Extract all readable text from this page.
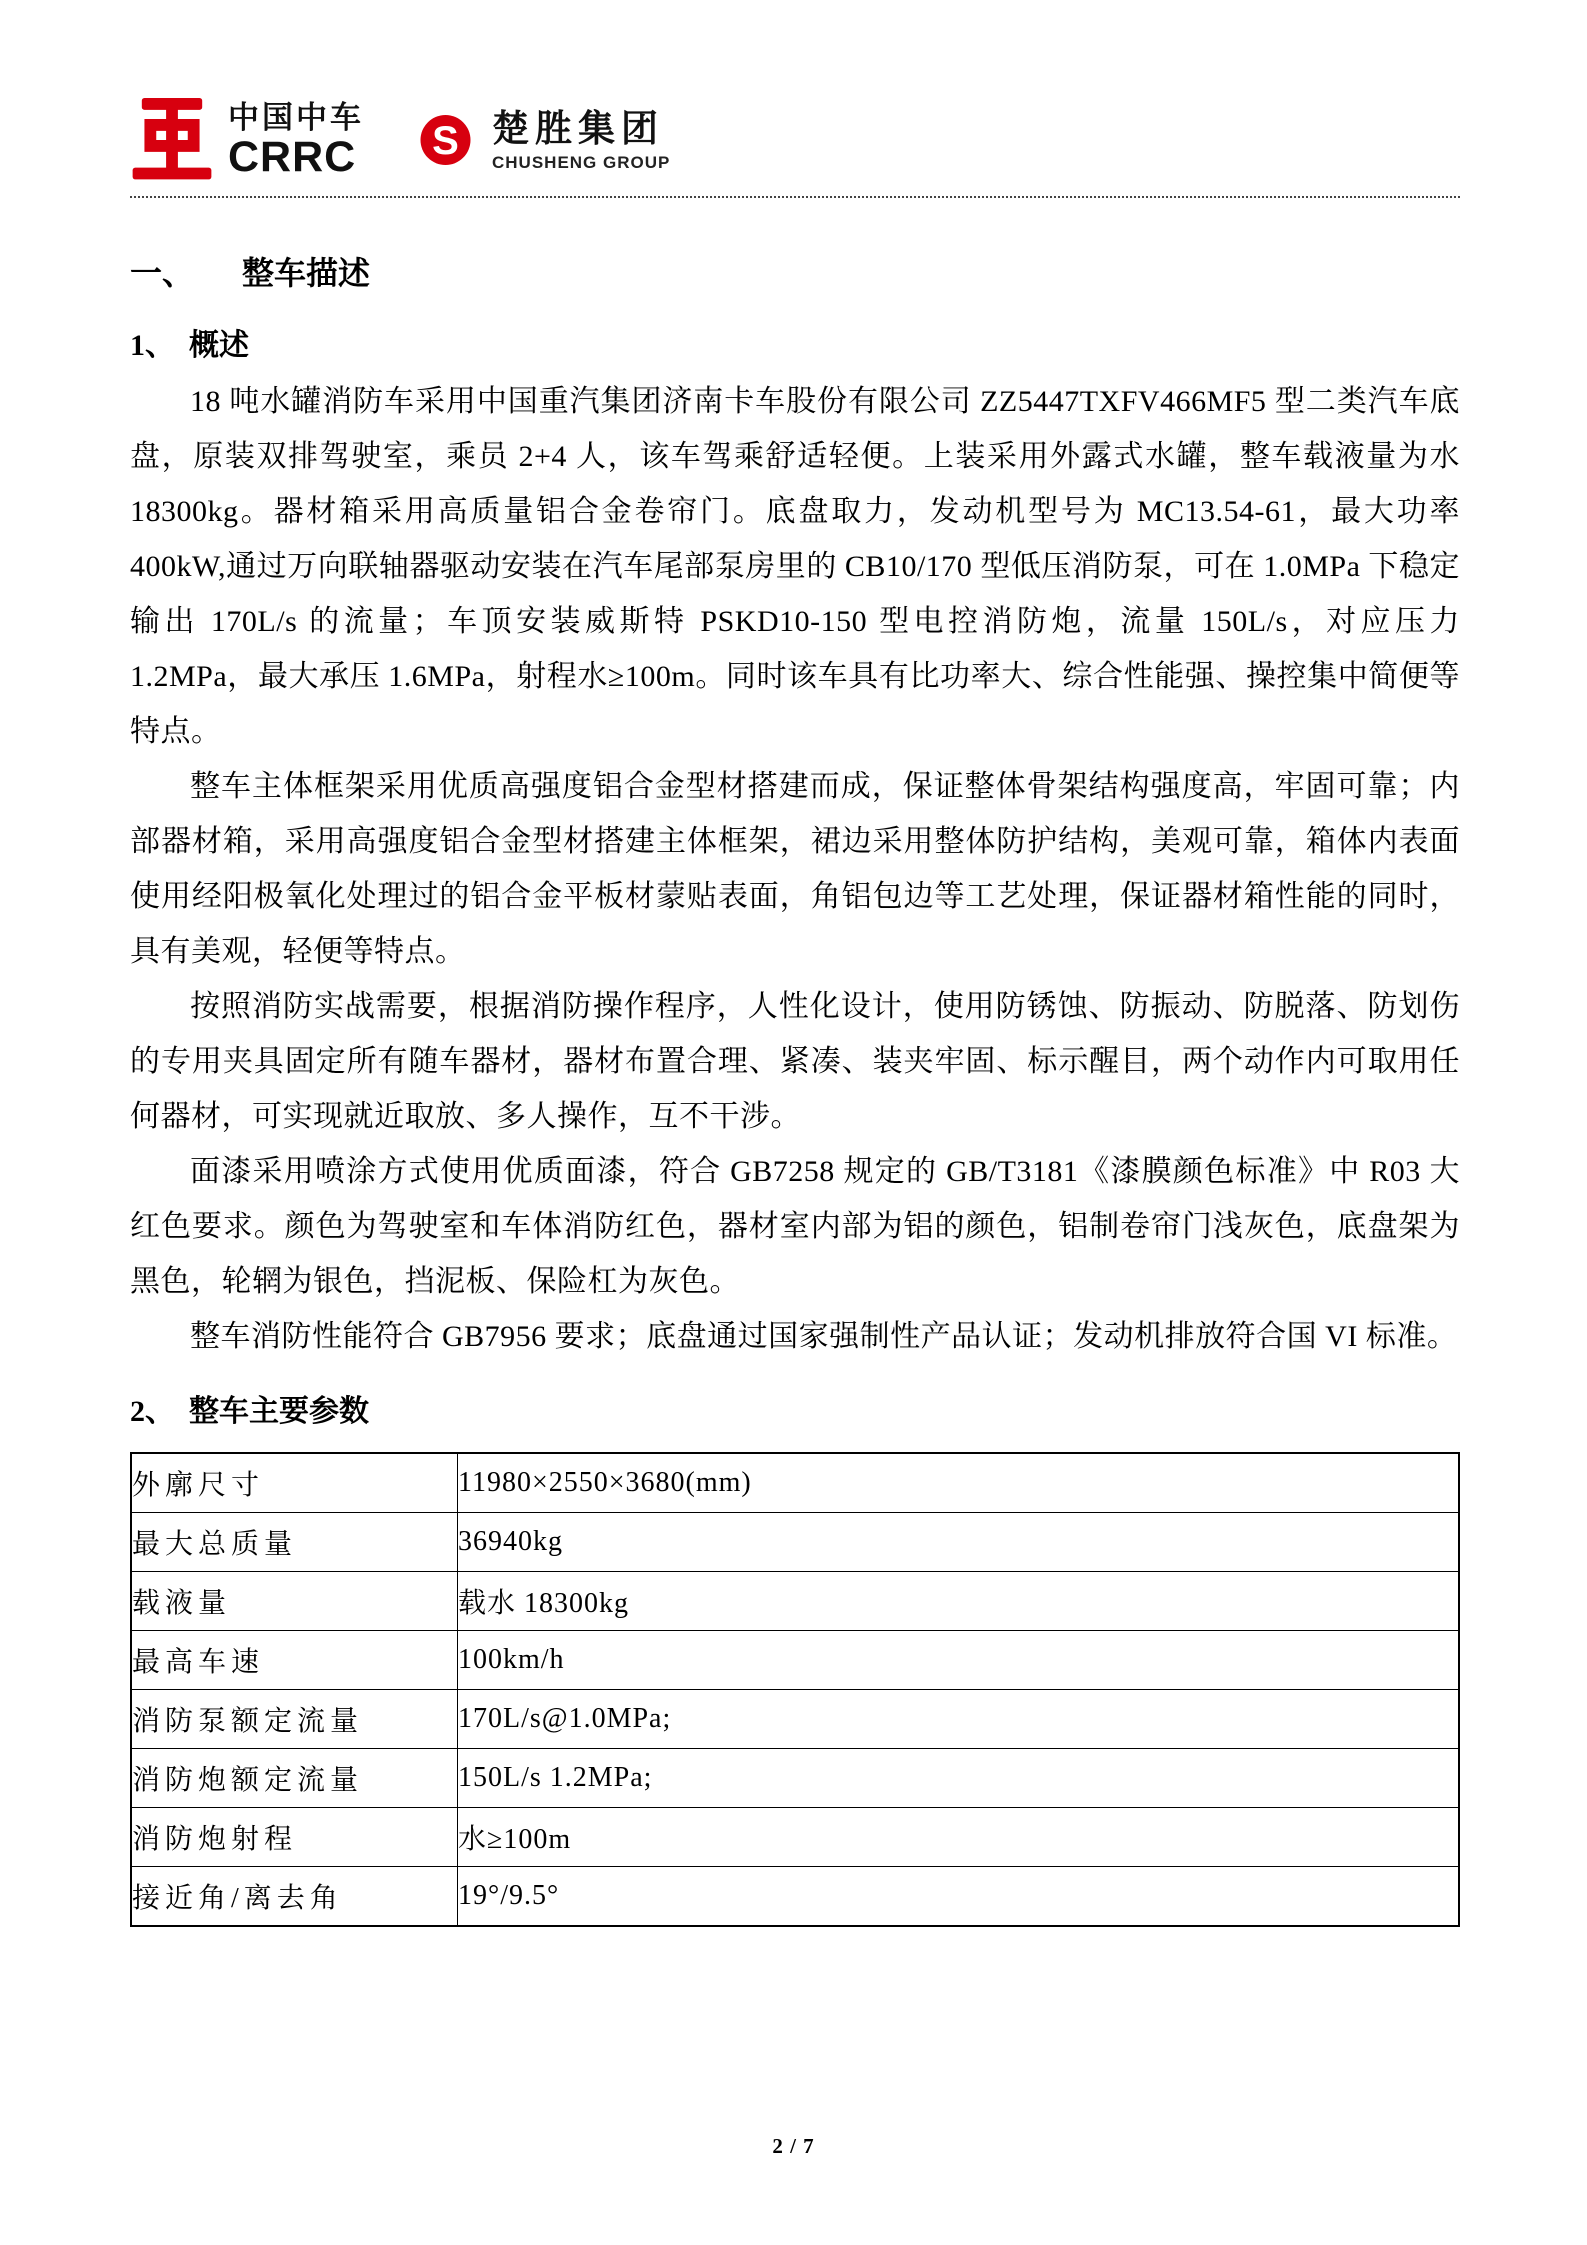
中国中车
CRRC S 楚胜集团
CHUSHENG GROUP
一、 整车描述
1、 概述

18 吨水罐消防车采用中国重汽集团济南卡车股份有限公司 ZZ5447TXFV466MF5 型二类汽车底盘，原装双排驾驶室，乘员 2+4 人，该车驾乘舒适轻便。上装采用外露式水罐，整车载液量为水 18300kg。器材箱采用高质量铝合金卷帘门。底盘取力，发动机型号为 MC13.54-61，最大功率 400kW,通过万向联轴器驱动安装在汽车尾部泵房里的 CB10/170 型低压消防泵，可在 1.0MPa 下稳定输出 170L/s 的流量；车顶安装威斯特 PSKD10-150 型电控消防炮，流量 150L/s，对应压力 1.2MPa，最大承压 1.6MPa，射程水≥100m。同时该车具有比功率大、综合性能强、操控集中简便等特点。

整车主体框架采用优质高强度铝合金型材搭建而成，保证整体骨架结构强度高，牢固可靠；内部器材箱，采用高强度铝合金型材搭建主体框架，裙边采用整体防护结构，美观可靠，箱体内表面使用经阳极氧化处理过的铝合金平板材蒙贴表面，角铝包边等工艺处理，保证器材箱性能的同时，具有美观，轻便等特点。

按照消防实战需要，根据消防操作程序，人性化设计，使用防锈蚀、防振动、防脱落、防划伤的专用夹具固定所有随车器材，器材布置合理、紧凑、装夹牢固、标示醒目，两个动作内可取用任何器材，可实现就近取放、多人操作，互不干涉。

面漆采用喷涂方式使用优质面漆，符合 GB7258 规定的 GB/T3181《漆膜颜色标准》中 R03 大红色要求。颜色为驾驶室和车体消防红色，器材室内部为铝的颜色，铝制卷帘门浅灰色，底盘架为黑色，轮辋为银色，挡泥板、保险杠为灰色。

整车消防性能符合 GB7956 要求；底盘通过国家强制性产品认证；发动机排放符合国 VI 标准。

2、 整车主要参数
外廓尺寸	11980×2550×3680(mm)
最大总质量	36940kg
载液量	载水 18300kg
最高车速	100km/h
消防泵额定流量	170L/s@1.0MPa;
消防炮额定流量	150L/s 1.2MPa;
消防炮射程	水≥100m
接近角/离去角	19°/9.5°
2 / 7
